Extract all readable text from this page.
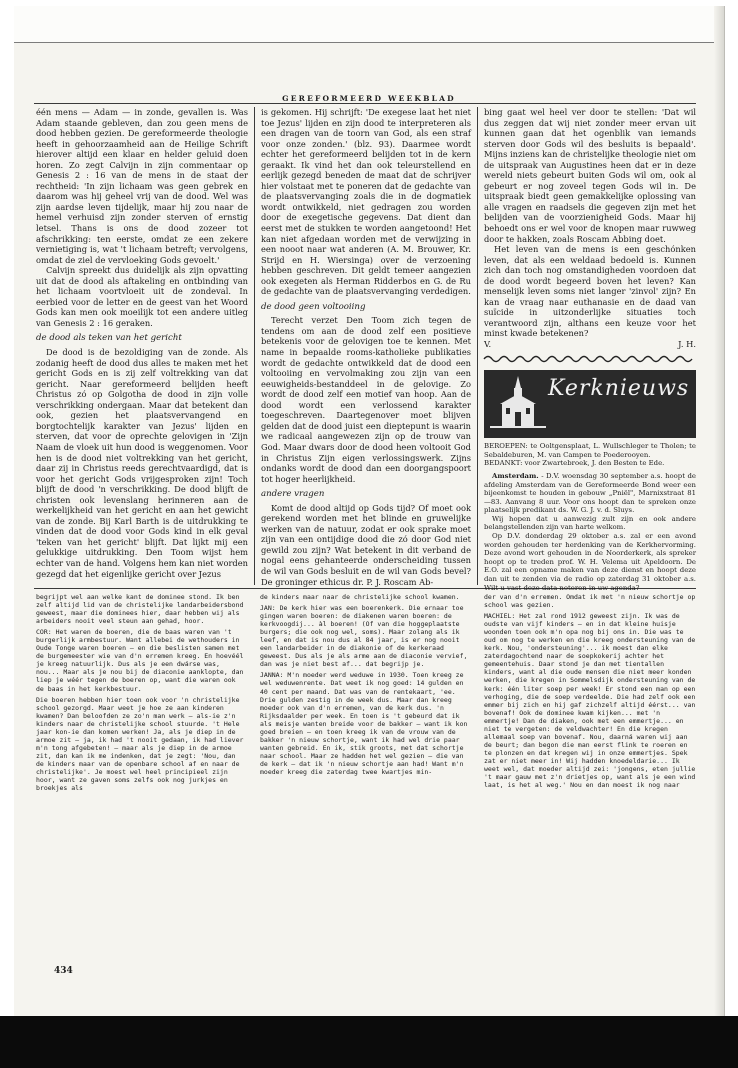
GEREFORMEERD WEEKBLAD

één mens — Adam — in zonde, gevallen is. Was Adam staande gebleven, dan zou geen mens de dood hebben gezien. De gereformeerde theologie heeft in gehoorzaamheid aan de Heilige Schrift hierover altijd een klaar en helder geluid doen horen. Zo zegt Calvijn in zijn commentaar op Genesis 2 : 16 van de mens in de staat der rechtheid: 'In zijn lichaam was geen gebrek en daarom was hij geheel vrij van de dood. Wel was zijn aardse leven tijdelijk, maar hij zou naar de hemel verhuisd zijn zonder sterven of ernstig letsel. Thans is ons de dood zozeer tot afschrikking: ten eerste, omdat ze een zekere vernietiging is, wat 't lichaam betreft; vervolgens, omdat de ziel de vervloeking Gods gevoelt.'

Calvijn spreekt dus duidelijk als zijn opvatting uit dat de dood als aftakeling en ontbinding van het lichaam voortvloeit uit de zondeval. In eerbied voor de letter en de geest van het Woord Gods kan men ook moeilijk tot een andere uitleg van Genesis 2 : 16 geraken.

de dood als teken van het gericht

De dood is de bezoldiging van de zonde. Als zodanig heeft de dood dus alles te maken met het gericht Gods en is zij zelf voltrekking van dat gericht. Naar gereformeerd belijden heeft Christus zó op Golgotha de dood in zijn volle verschrikking ondergaan. Maar dat betekent dan ook, gezien het plaatsvervangend en borgtochtelijk karakter van Jezus' lijden en sterven, dat voor de oprechte gelovigen in 'Zijn Naam de vloek uit hun dood is weggenomen. Voor hen is de dood niet voltrekking van het gericht, daar zij in Christus reeds gerechtvaardigd, dat is voor het gericht Gods vrijgesproken zijn! Toch blijft de dood 'n verschrikking. De dood blijft de christen ook levenslang herinneren aan de werkelijkheid van het gericht en aan het gewicht van de zonde. Bij Karl Barth is de uitdrukking te vinden dat de dood voor Gods kind in elk geval 'teken van het gericht' blijft. Dat lijkt mij een gelukkige uitdrukking. Den Toom wijst hem echter van de hand. Volgens hem kan niet worden gezegd dat het eigenlijke gericht over Jezus

is gekomen. Hij schrijft: 'De exegese laat het niet toe Jezus' lijden en zijn dood te interpreteren als een dragen van de toorn van God, als een straf voor onze zonden.' (blz. 93). Daarmee wordt echter het gereformeerd belijden tot in de kern geraakt. Ik vind het dan ook teleurstellend en eerlijk gezegd beneden de maat dat de schrijver hier volstaat met te poneren dat de gedachte van de plaatsvervanging zoals die in de dogmatiek wordt ontwikkeld, niet gedragen zou worden door de exegetische gegevens. Dat dient dan eerst met de stukken te worden aangetoond! Het kan niet afgedaan worden met de verwijzing in een nooot naar wat anderen (A. M. Brouwer, Kr. Strijd en H. Wiersinga) over de verzoening hebben geschreven. Dit geldt temeer aangezien ook exegeten als Herman Ridderbos en G. de Ru de gedachte van de plaatsvervanging verdedigen.

de dood geen voltooiing

Terecht verzet Den Toom zich tegen de tendens om aan de dood zelf een positieve betekenis voor de gelovigen toe te kennen. Met name in bepaalde rooms-katholieke publikaties wordt de gedachte ontwikkeld dat de dood een voltooiing en vervolmaking zou zijn van een eeuwigheids-bestanddeel in de gelovige. Zo wordt de dood zelf een motief van hoop. Aan de dood wordt een verlossend karakter toegeschreven. Daartegenover moet blijven gelden dat de dood juist een dieptepunt is waarin we radicaal aangewezen zijn op de trouw van God. Maar dwars door de dood heen voltooit God in Christus Zijn eigen verlossingswerk. Zijns ondanks wordt de dood dan een doorgangspoort tot hoger heerlijkheid.

andere vragen

Komt de dood altijd op Gods tijd? Of moet ook gerekend worden met het blinde en gruwelijke werken van de natuur, zodat er ook sprake moet zijn van een ontijdige dood die zó door God niet gewild zou zijn? Wat betekent in dit verband de nogal eens gehanteerde onderscheiding tussen de wil van Gods besluit en de wil van Gods bevel? De groninger ethicus dr. P. J. Roscam Ab-

bing gaat wel heel ver door te stellen: 'Dat wil dus zeggen dat wij niet zonder meer ervan uit kunnen gaan dat het ogenblik van iemands sterven door Gods wil des besluits is bepaald'. Mijns inziens kan de christelijke theologie niet om de uitspraak van Augustines heen dat er in deze wereld niets gebeurt buiten Gods wil om, ook al gebeurt er nog zoveel tegen Gods wil in. De uitspraak biedt geen gemakkelijke oplossing van alle vragen en raadsels die gegeven zijn met het belijden van de voorzienigheid Gods. Maar hij behoedt ons er wel voor de knopen maar ruwweg door te hakken, zoals Roscam Abbing doet.

Het leven van de mens is een geschónken leven, dat als een weldaad bedoeld is. Kunnen zich dan toch nog omstandigheden voordoen dat de dood wordt begeerd boven het leven? Kan menselijk leven soms niet langer 'zinvol' zijn? En kan de vraag naar euthanasie en de daad van suïcide in uitzonderlijke situaties toch verantwoord zijn, althans een keuze voor het minst kwade betekenen?

V.	J. H.
Kerknieuws

BEROEPEN: te Ooltgensplaat, L. Wullschleger te Tholen; te Sebaldeburen, M. van Campen te Poederooyen.

BEDANKT: voor Zwartebroek, J. den Besten te Ede.

Amsterdam. - D.V. woensdag 30 september a.s. hoopt de afdeling Amsterdam van de Gereformeerde Bond weer een bijeenkomst te houden in gebouw „Pniël", Marnixstraat 81—83. Aanvang 8 uur. Voor ons hoopt dan te spreken onze plaatselijk predikant ds. W. G. J. v. d. Sluys.

Wij hopen dat u aanwezig zult zijn en ook andere belangstellenden zijn van harte welkom.

Op D.V. donderdag 29 oktober a.s. zal er een avond worden gehouden ter herdenking van de Kerkhervorming. Deze avond wort gehouden in de Noorderkerk, als spreker hoopt op te treden prof. W. H. Velema uit Apeldoorn. De E.O. zal een opname maken van deze dienst en hoopt deze dan uit te zenden via de radio op zaterdag 31 oktober a.s. Wilt u vast deze data noteren in uw agenda?

begrijpt wel aan welke kant de dominee stond. Ik ben zelf altijd lid van de christelijke landarbeidersbond geweest, maar die dominees hier, daar hebben wij als arbeiders nooit veel steun aan gehad, hoor.

COR: Het waren de boeren, die de baas waren van 't burgerlijk armbestuur. Want allebei de wethouders in Oude Tonge waren boeren — en die beslisten samen met de burgemeester wie van d'n erremen kreeg. En hoevéél je kreeg natuurlijk. Dus als je een dwárse was, nou... Maar als je nou bij de diaconie aanklopte, dan liep je wéér tegen de boeren op, want die waren ook de baas in het kerkbestuur.

Die boeren hebben hier toen ook voor 'n christelijke school gezorgd. Maar weet je hoe ze aan kinderen kwamen? Dan beloofden ze zo'n man werk — als-ie z'n kinders naar de christelijke school stuurde. 't Hele jaar kon-ie dan komen werken! Ja, als je diep in de armoe zit — ja, ik had 't nooit gedaan, ik had liever m'n tong afgebeten! — maar als je diep in de armoe zit, dan kan ik me indenken, dat je zegt: 'Nou, dan de kinders maar van de openbare school af en naar de christelijke'. Je moest wel heel principieel zijn hoor, want ze gaven soms zelfs ook nog jurkjes en broekjes als

de kinders maar naar de christelijke school kwamen.

JAN: De kerk hier was een boerenkerk. Die ernaar toe gingen waren boeren: de diakenen waren boeren: de kerkvoogdij... àl boeren! (Of van die hoggeplaatste burgers; die ook nog wel, soms). Maar zolang als ik leef, en dat is nou dus al 84 jaar, is er nog nooit een landarbeider in de diakonie of de kerkeraad geweest. Dus als je als arme aan de diaconie vervief, dan was je niet best af... dat begrijp je.

JANNA: M'n moeder werd weduwe in 1930. Toen kreeg ze wel weduwenrente. Dat weet ik nog goed: 14 gulden en 40 cent per maand. Dat was van de rentekaart, 'ee. Drie gulden zestig in de week dus. Maar dan kreeg moeder ook van d'n erremen, van de kerk dus. 'n Rijksdaalder per week. En toen is 't gebeurd dat ik als meisje wanten breide voor de bakker — want ik kon goed breien — en toen kreeg ik van de vrouw van de bakker 'n nieuw schortje, want ik had wel drie paar wanten gebreid. En ik, stik groots, met dat schortje naar school. Maar ze hadden het wel gezien — die van de kerk — dat ik 'n nieuw schortje aan had! Want m'n moeder kreeg die zaterdag twee kwartjes min-

der van d'n erremen. Omdat ik met 'n nieuw schortje op school was gezien.

MACHIEL: Het zal rond 1912 geweest zijn. Ik was de oudste van vijf kinders — en in dat kleine huisje woonden toen ook m'n opa nog bij ons in. Die was te oud om nog te werken en die kreeg ondersteuning van de kerk. Nou, 'ondersteuning'... ik moest dan elke zaterdagochtend naar de soepkokerij achter het gemeentehuis. Daar stond je dan met tientallen kinders, want al die oude mensen die niet meer konden werken, die kregen in Sommelsdijk ondersteuning van de kerk: één liter soep per week! Er stond een man op een verhoging, die de soep verdeelde. Die had zelf ook een emmer bij zich en hij gaf zichzelf altijd éérst... van bovenaf! Ook de dominee kwam kijken... met 'n emmertje! Dan de diaken, ook met een emmertje... en niet te vergeten: de veldwachter! En die kregen allemaal soep van bovenaf. Nou, daarná waren wij aan de beurt; dan begon die man eerst flink te roeren en te plonzen en dat kregen wij in onze emmertjes. Spek zat er niet meer in! Wij hadden knoedeldarie... Ik weet wel, dat moeder altijd zei: 'jongens, eten jullie 't maar gauw met z'n drietjes op, want als je een wind laat, is het al weg.' Nou en dan moest ik nog naar

434
